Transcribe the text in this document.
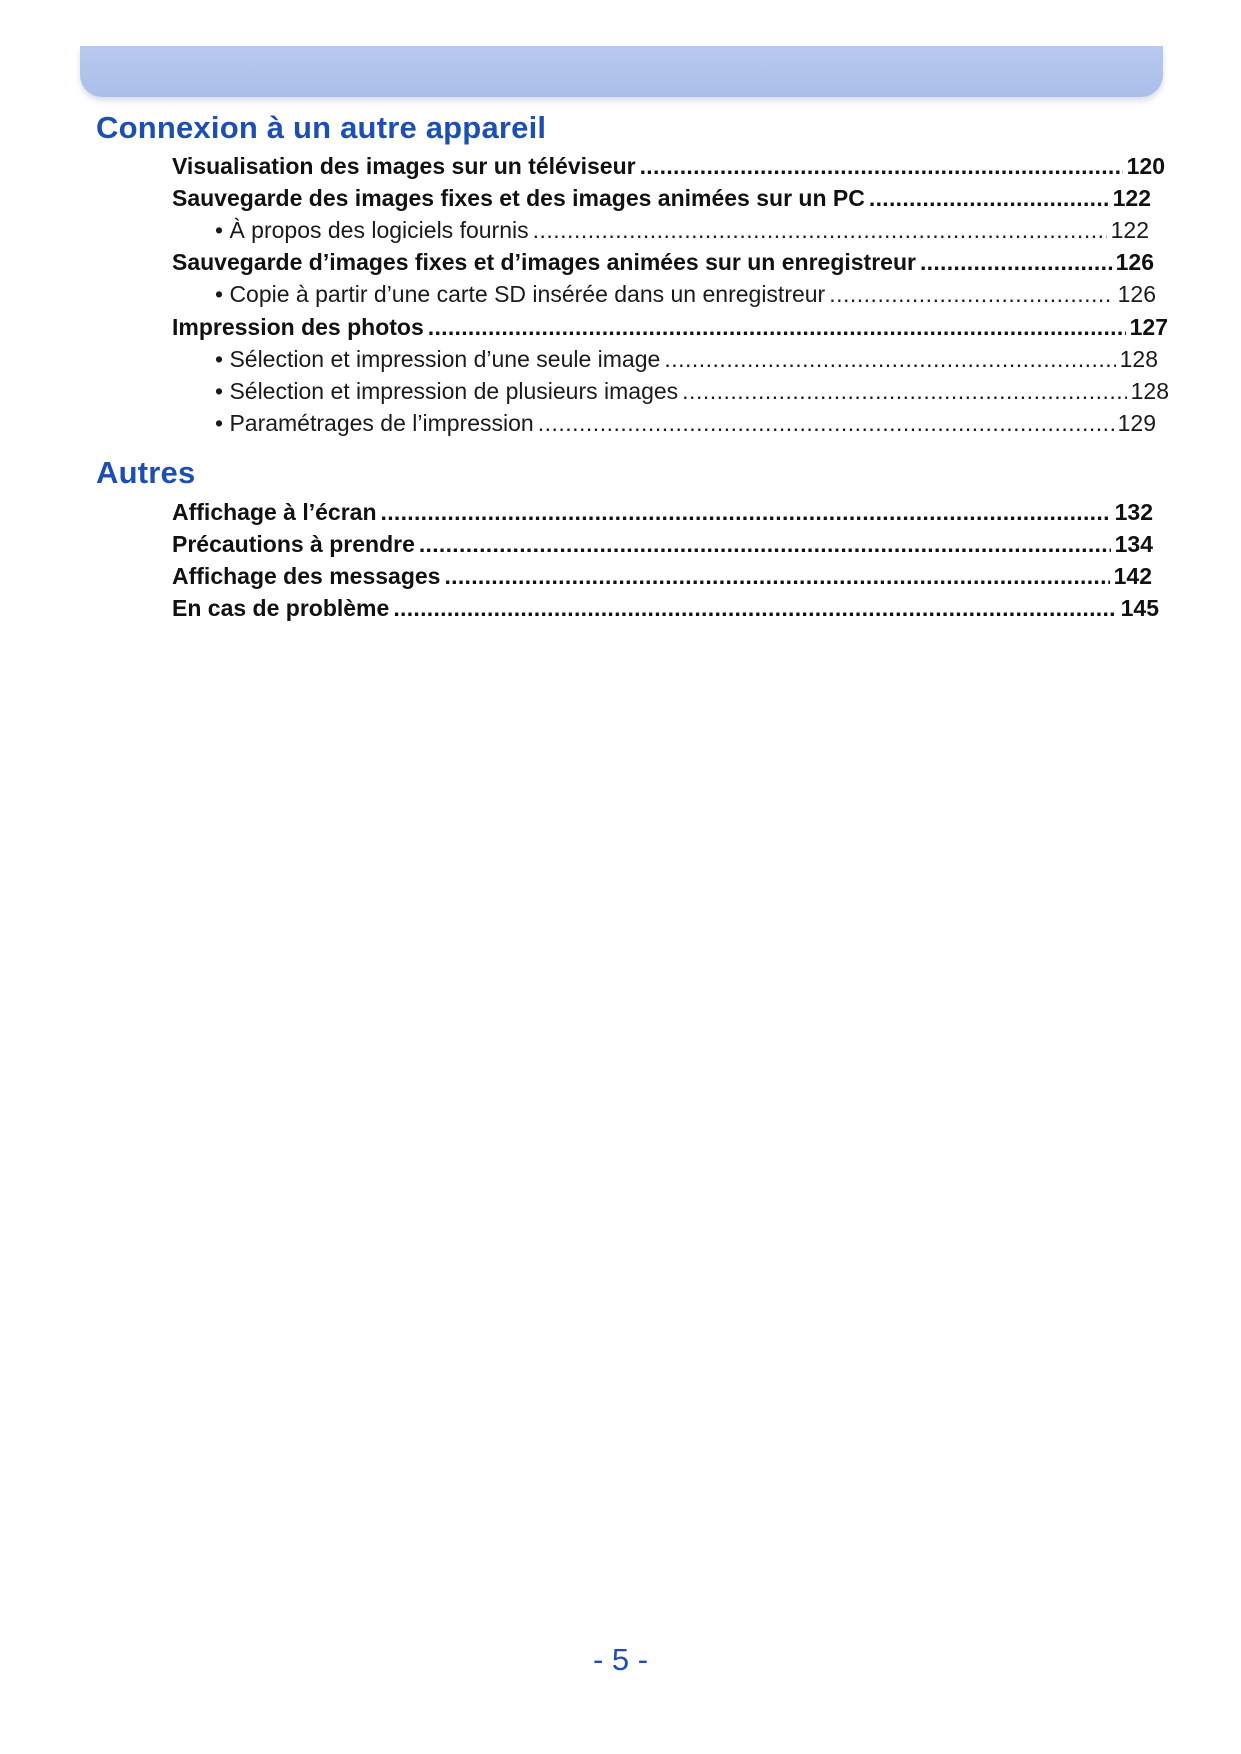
Connexion à un autre appareil
Visualisation des images sur un téléviseur .....	120
Sauvegarde des images fixes et des images animées sur un PC .....	122
• À propos des logiciels fournis .....	122
Sauvegarde d’images fixes et d’images animées sur un enregistreur .....	126
• Copie à partir d’une carte SD insérée dans un enregistreur .....	126
Impression des photos .....	127
• Sélection et impression d’une seule image .....	128
• Sélection et impression de plusieurs images .....	128
• Paramétrages de l’impression .....	129
Autres
Affichage à l’écran .....	132
Précautions à prendre .....	134
Affichage des messages .....	142
En cas de problème .....	145
- 5 -
